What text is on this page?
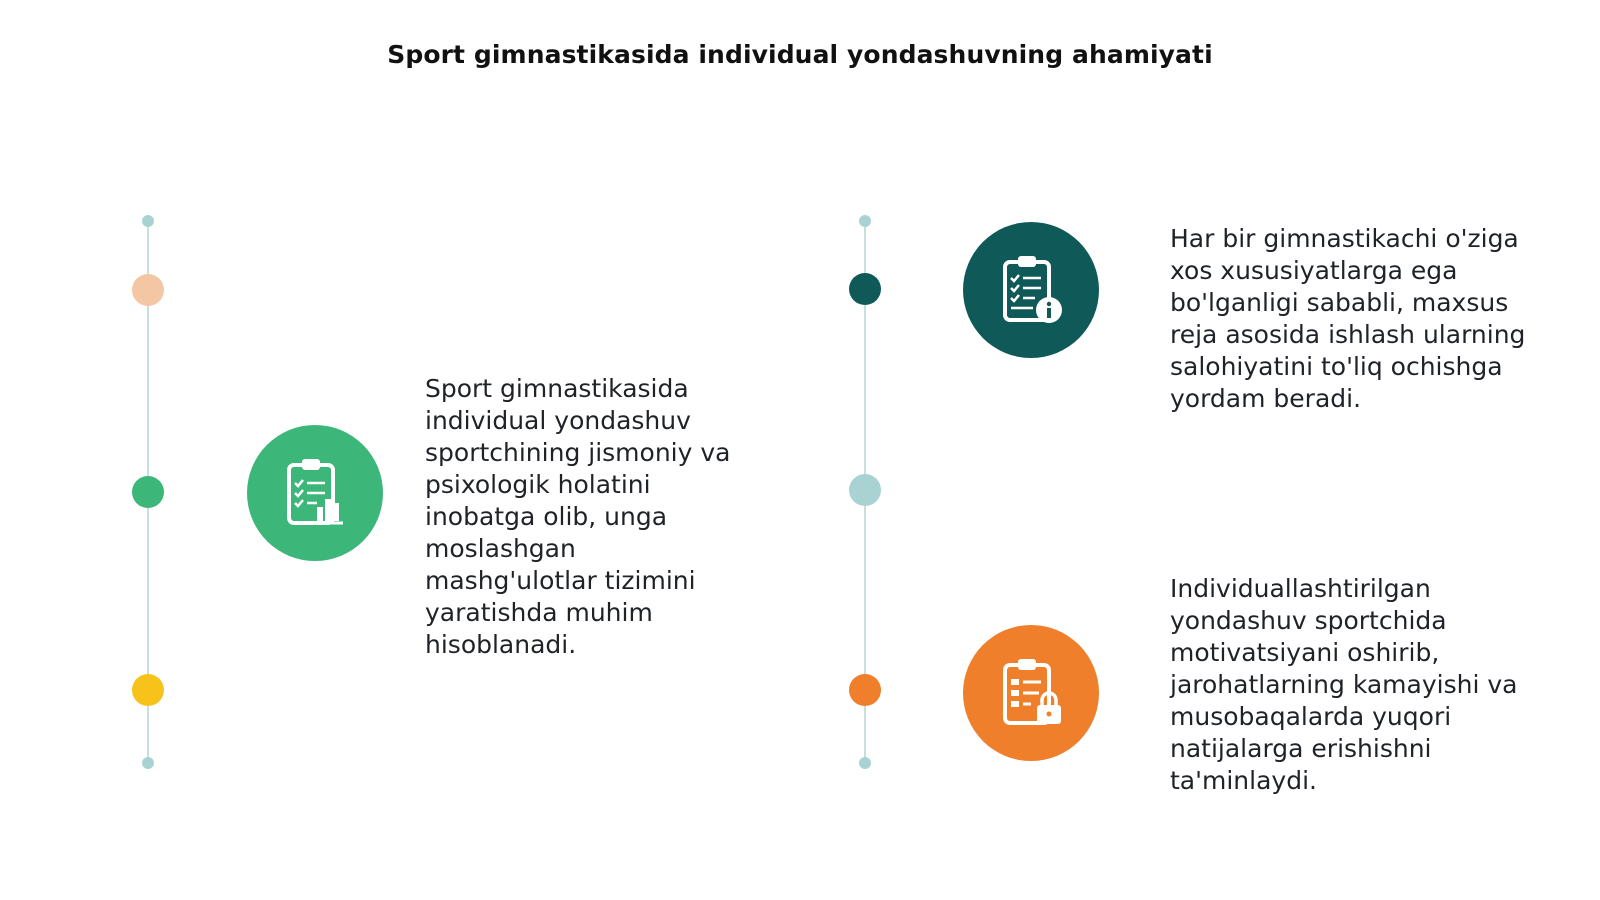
Sport gimnastikasida individual yondashuvning ahamiyati
Sport gimnastikasida individual yondashuv sportchining jismoniy va psixologik holatini inobatga olib, unga moslashgan mashg'ulotlar tizimini yaratishda muhim hisoblanadi.
Har bir gimnastikachi o'ziga xos xususiyatlarga ega bo'lganligi sababli, maxsus reja asosida ishlash ularning salohiyatini to'liq ochishga yordam beradi.
Individuallashtirilgan yondashuv sportchida motivatsiyani oshirib, jarohatlarning kamayishi va musobaqalarda yuqori natijalarga erishishni ta'minlaydi.
